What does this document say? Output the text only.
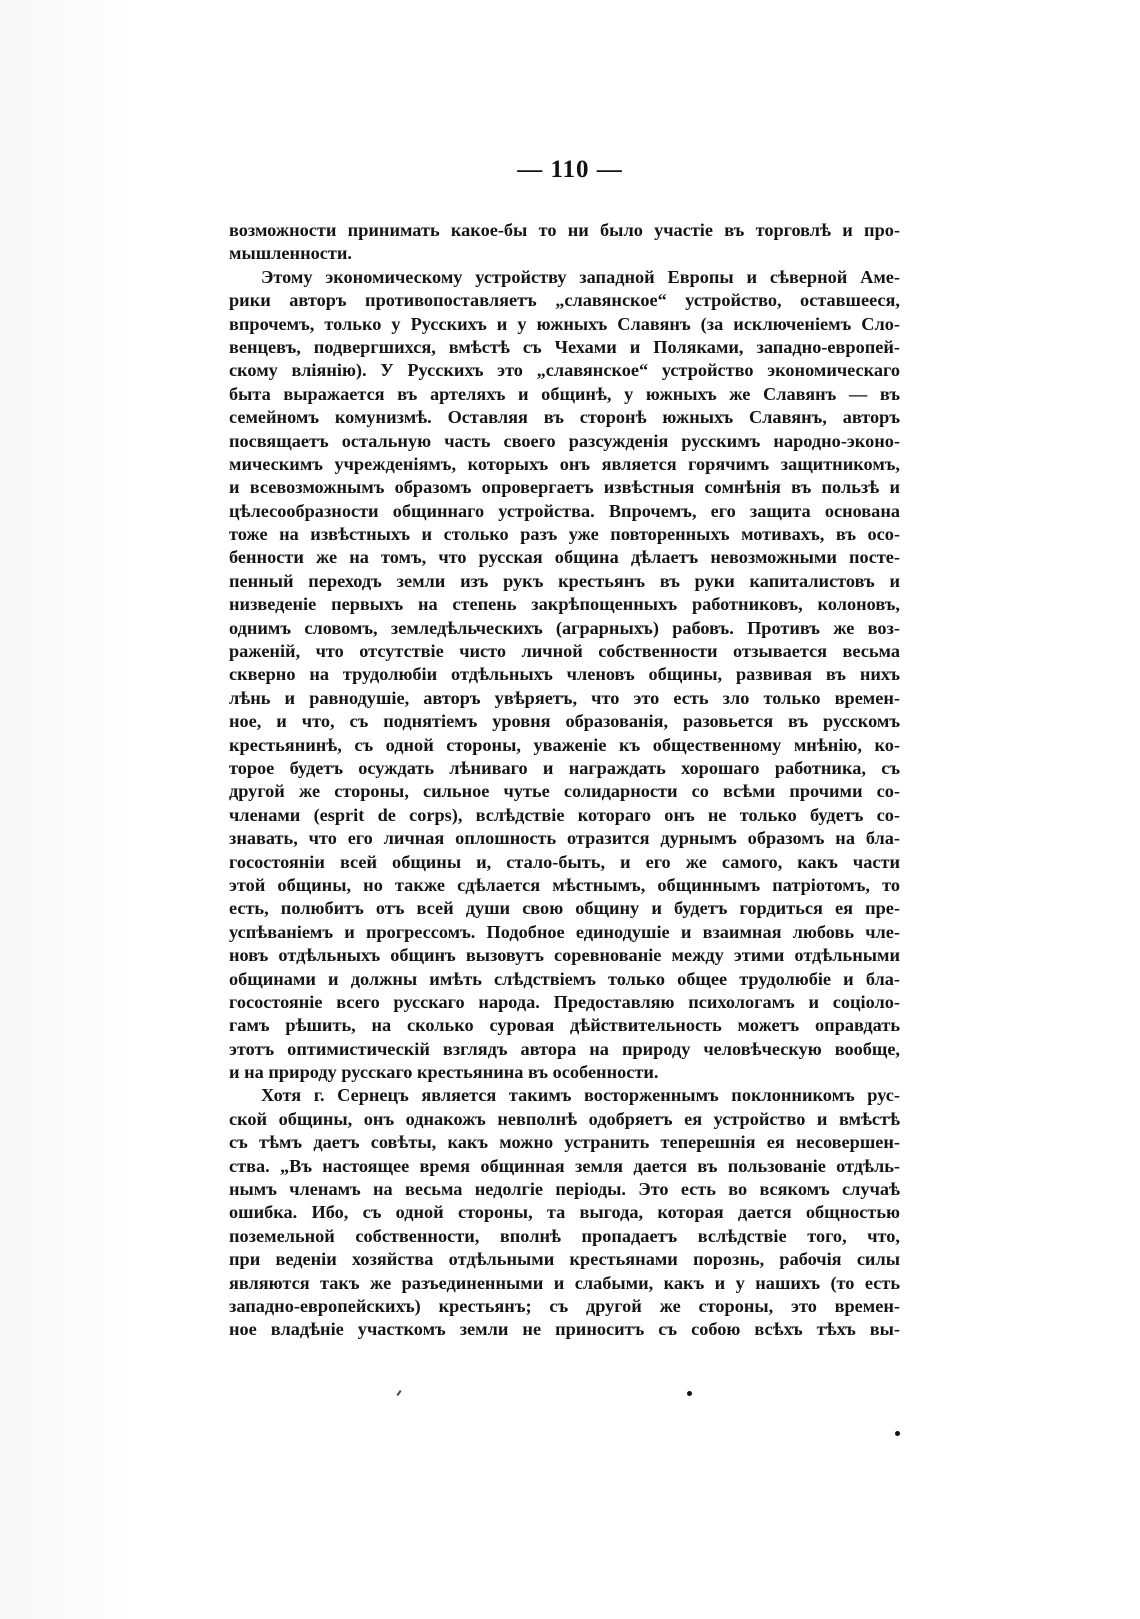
— 110 —
возможности принимать какое-бы то ни было участіе въ торговлѣ и про-
мышленности.
Этому экономическому устройству западной Европы и сѣверной Аме-
рики авторъ противопоставляетъ „славянское“ устройство, оставшееся,
впрочемъ, только у Русскихъ и у южныхъ Славянъ (за исключеніемъ Сло-
венцевъ, подвергшихся, вмѣстѣ съ Чехами и Поляками, западно-европей-
скому вліянію). У Русскихъ это „славянское“ устройство экономическаго
быта выражается въ артеляхъ и общинѣ, у южныхъ же Славянъ — въ
семейномъ комунизмѣ. Оставляя въ сторонѣ южныхъ Славянъ, авторъ
посвящаетъ остальную часть своего разсужденія русскимъ народно-эконо-
мическимъ учрежденіямъ, которыхъ онъ является горячимъ защитникомъ,
и всевозможнымъ образомъ опровергаетъ извѣстныя сомнѣнія въ пользѣ и
цѣлесообразности общиннаго устройства. Впрочемъ, его защита основана
тоже на извѣстныхъ и столько разъ уже повторенныхъ мотивахъ, въ осо-
бенности же на томъ, что русская община дѣлаетъ невозможными посте-
пенный переходъ земли изъ рукъ крестьянъ въ руки капиталистовъ и
низведеніе первыхъ на степень закрѣпощенныхъ работниковъ, колоновъ,
однимъ словомъ, земледѣльческихъ (аграрныхъ) рабовъ. Противъ же воз-
раженій, что отсутствіе чисто личной собственности отзывается весьма
скверно на трудолюбіи отдѣльныхъ членовъ общины, развивая въ нихъ
лѣнь и равнодушіе, авторъ увѣряетъ, что это есть зло только времен-
ное, и что, съ поднятіемъ уровня образованія, разовьется въ русскомъ
крестьянинѣ, съ одной стороны, уваженіе къ общественному мнѣнію, ко-
торое будетъ осуждать лѣниваго и награждать хорошаго работника, съ
другой же стороны, сильное чутье солидарности со всѣми прочими со-
членами (esprit de corps), вслѣдствіе котораго онъ не только будетъ со-
знавать, что его личная оплошность отразится дурнымъ образомъ на бла-
госостояніи всей общины и, стало-быть, и его же самого, какъ части
этой общины, но также сдѣлается мѣстнымъ, общиннымъ патріотомъ, то
есть, полюбитъ отъ всей души свою общину и будетъ гордиться ея пре-
успѣваніемъ и прогрессомъ. Подобное единодушіе и взаимная любовь чле-
новъ отдѣльныхъ общинъ вызовутъ соревнованіе между этими отдѣльными
общинами и должны имѣть слѣдствіемъ только общее трудолюбіе и бла-
госостояніе всего русскаго народа. Предоставляю психологамъ и соціоло-
гамъ рѣшить, на сколько суровая дѣйствительность можетъ оправдать
этотъ оптимистическій взглядъ автора на природу человѣческую вообще,
и на природу русскаго крестьянина въ особенности.
Хотя г. Сернецъ является такимъ восторженнымъ поклонникомъ рус-
ской общины, онъ однакожъ невполнѣ одобряетъ ея устройство и вмѣстѣ
съ тѣмъ даетъ совѣты, какъ можно устранить теперешнія ея несовершен-
ства. „Въ настоящее время общинная земля дается въ пользованіе отдѣль-
нымъ членамъ на весьма недолгіе періоды. Это есть во всякомъ случаѣ
ошибка. Ибо, съ одной стороны, та выгода, которая дается общностью
поземельной собственности, вполнѣ пропадаетъ вслѣдствіе того, что,
при веденіи хозяйства отдѣльными крестьянами порознь, рабочія силы
являются такъ же разъединенными и слабыми, какъ и у нашихъ (то есть
западно-европейскихъ) крестьянъ; съ другой же стороны, это времен-
ное владѣніе участкомъ земли не приноситъ съ собою всѣхъ тѣхъ вы-
